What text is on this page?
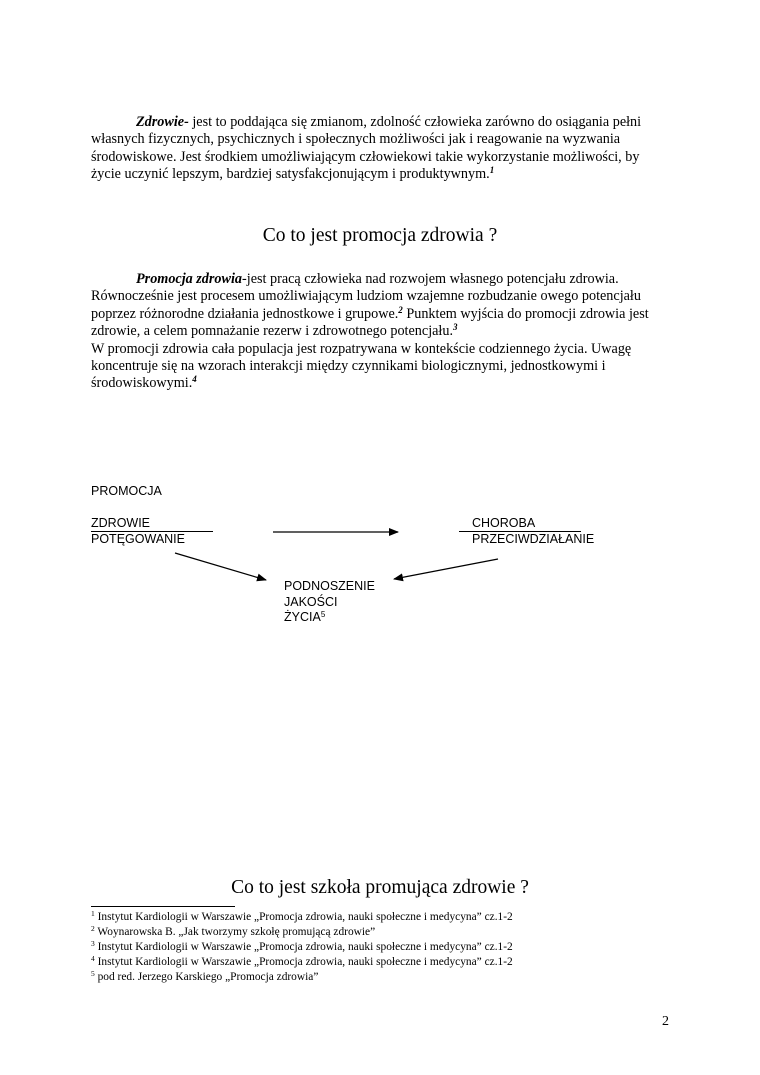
Zdrowie- jest to poddająca się zmianom, zdolność człowieka zarówno do osiągania pełni własnych fizycznych, psychicznych i społecznych możliwości jak i reagowanie na wyzwania środowiskowe. Jest środkiem umożliwiającym człowiekowi takie wykorzystanie możliwości, by życie uczynić lepszym, bardziej satysfakcjonującym i produktywnym.$^1$

Co to jest promocja zdrowia ?

Promocja zdrowia-jest pracą człowieka nad rozwojem własnego potencjału zdrowia. Równocześnie jest procesem umożliwiającym ludziom wzajemne rozbudzanie owego potencjału poprzez różnorodne działania jednostkowe i grupowe.$^2$ Punktem wyjścia do promocji zdrowia jest zdrowie, a celem pomnażanie rezerw i zdrowotnego potencjału.$^3$

W promocji zdrowia cała populacja jest rozpatrywana w kontekście codziennego życia. Uwagę koncentruje się na wzorach interakcji między czynnikami biologicznymi, jednostkowymi i środowiskowymi.$^4$

PROMOCJA
ZDROWIE
POTĘGOWANIE
CHOROBA
PRZECIWDZIAŁANIE
PODNOSZENIE
JAKOŚCI
ŻYCIA$^5$
Co to jest szkoła promująca zdrowie ?
$^1$ Instytut Kardiologii w Warszawie „Promocja zdrowia, nauki społeczne i medycyna” cz.1-2
$^2$ Woynarowska B. „Jak tworzymy szkołę promującą zdrowie”
$^3$ Instytut Kardiologii w Warszawie „Promocja zdrowia, nauki społeczne i medycyna” cz.1-2
$^4$ Instytut Kardiologii w Warszawie „Promocja zdrowia, nauki społeczne i medycyna” cz.1-2
$^5$ pod red. Jerzego Karskiego „Promocja zdrowia”
2
